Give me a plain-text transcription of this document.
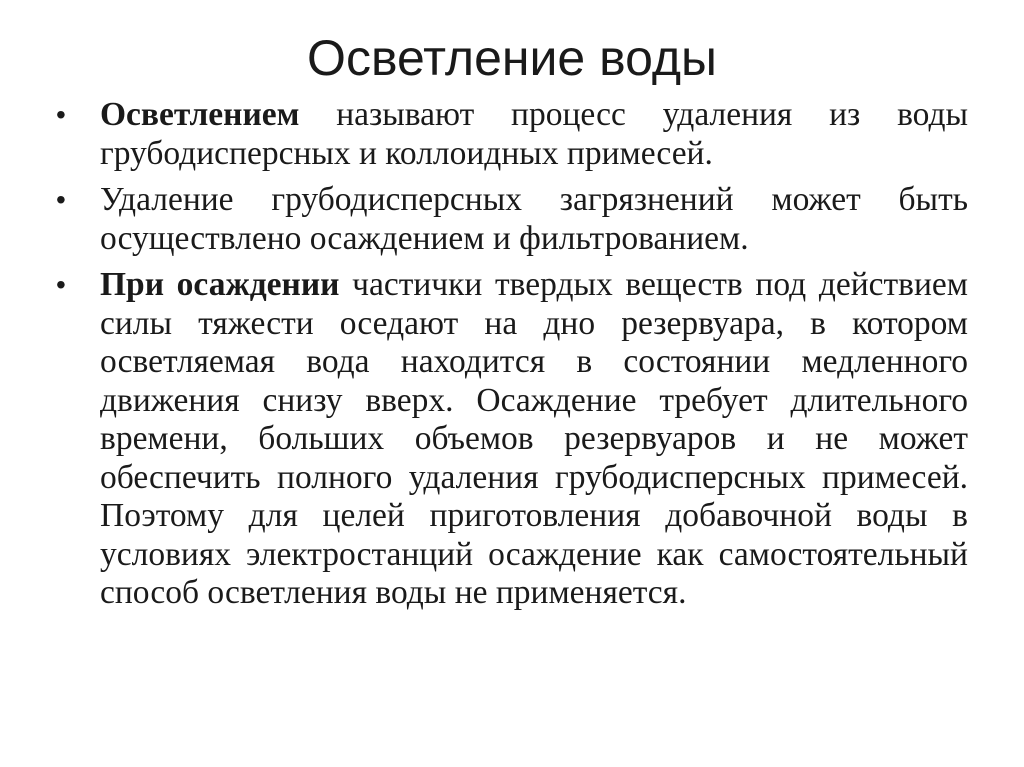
Осветление воды
• Осветлением называют процесс удаления из воды грубодисперсных и коллоидных примесей.
• Удаление грубодисперсных загрязнений может быть осуществлено осаждением и фильтрованием.
• При осаждении частички твердых веществ под действием силы тяжести оседают на дно резервуара, в котором осветляемая вода находится в состоянии медленного движения снизу вверх. Осаждение требует длительного времени, больших объемов резервуаров и не может обеспечить полного удаления грубодисперсных примесей. Поэтому для целей приготовления добавочной воды в условиях электростанций осаждение как самостоятельный способ осветления воды не применяется.
